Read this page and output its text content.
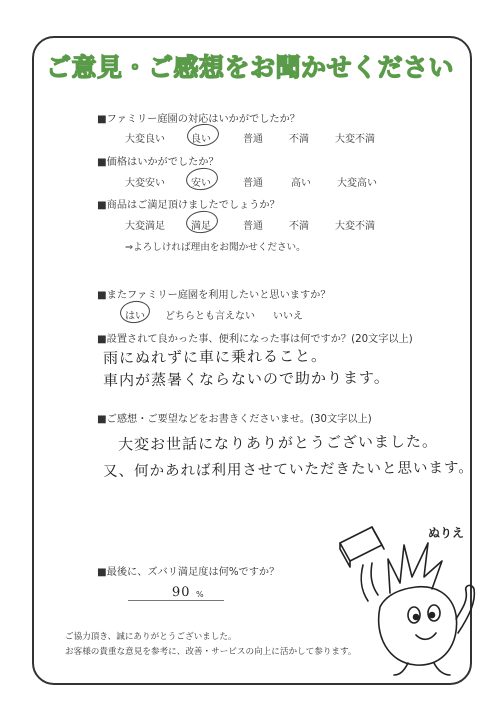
ご意見・ご感想をお聞かせください
■ファミリー庭園の対応はいかがでしたか？
大変良い	良い	普通	不満	大変不満
■価格はいかがでしたか？
大変安い	安い	普通	高い	大変高い
■商品はご満足頂けましたでしょうか？
大変満足	満足	普通	不満	大変不満
⇒よろしければ理由をお聞かせください。
■またファミリー庭園を利用したいと思いますか？
はい どちらとも言えない いいえ
■設置されて良かった事、便利になった事は何ですか？(20文字以上)
雨にぬれずに車に乗れること。
車内が蒸暑くならないので助かります。
■ご感想・ご要望などをお書きくださいませ。(30文字以上)
大変お世話になりありがとうございました。
又、何かあれば利用させていただきたいと思います。
■最後に、ズバリ満足度は何%ですか？
90 %
ご協力頂き、誠にありがとうございました。
お客様の貴重な意見を参考に、改善・サービスの向上に活かして参ります。
ぬりえ
